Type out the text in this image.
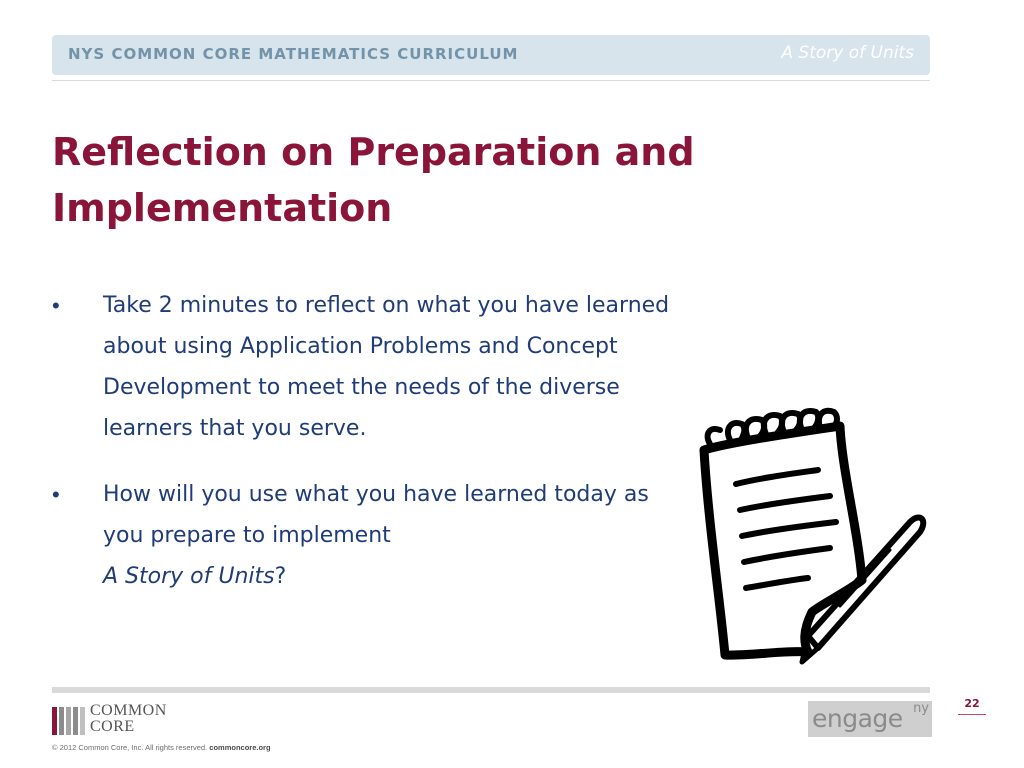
NYS COMMON CORE MATHEMATICS CURRICULUM	A Story of Units
Reflection on Preparation and Implementation
• Take 2 minutes to reflect on what you have learned about using Application Problems and Concept Development to meet the needs of the diverse learners that you serve.
• How will you use what you have learned today as you prepare to implement
A Story of Units?
COMMON
CORE
© 2012 Common Core, Inc. All rights reserved. commoncore.org
engage ny	22
